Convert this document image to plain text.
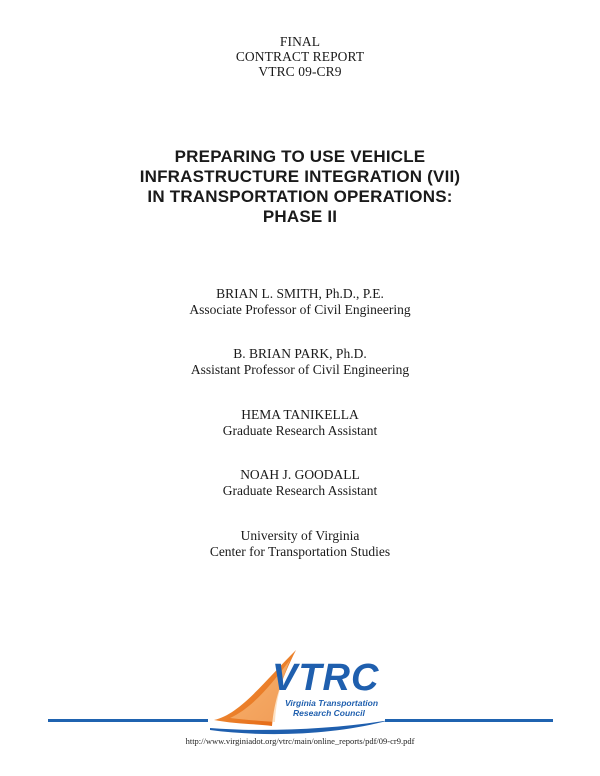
FINAL
CONTRACT REPORT
VTRC 09-CR9
PREPARING TO USE VEHICLE
INFRASTRUCTURE INTEGRATION (VII)
IN TRANSPORTATION OPERATIONS:
PHASE II
BRIAN L. SMITH, Ph.D., P.E.
Associate Professor of Civil Engineering
B. BRIAN PARK, Ph.D.
Assistant Professor of Civil Engineering
HEMA TANIKELLA
Graduate Research Assistant
NOAH J. GOODALL
Graduate Research Assistant
University of Virginia
Center for Transportation Studies
VTRC
Virginia Transportation
Research Council
http://www.virginiadot.org/vtrc/main/online_reports/pdf/09-cr9.pdf
